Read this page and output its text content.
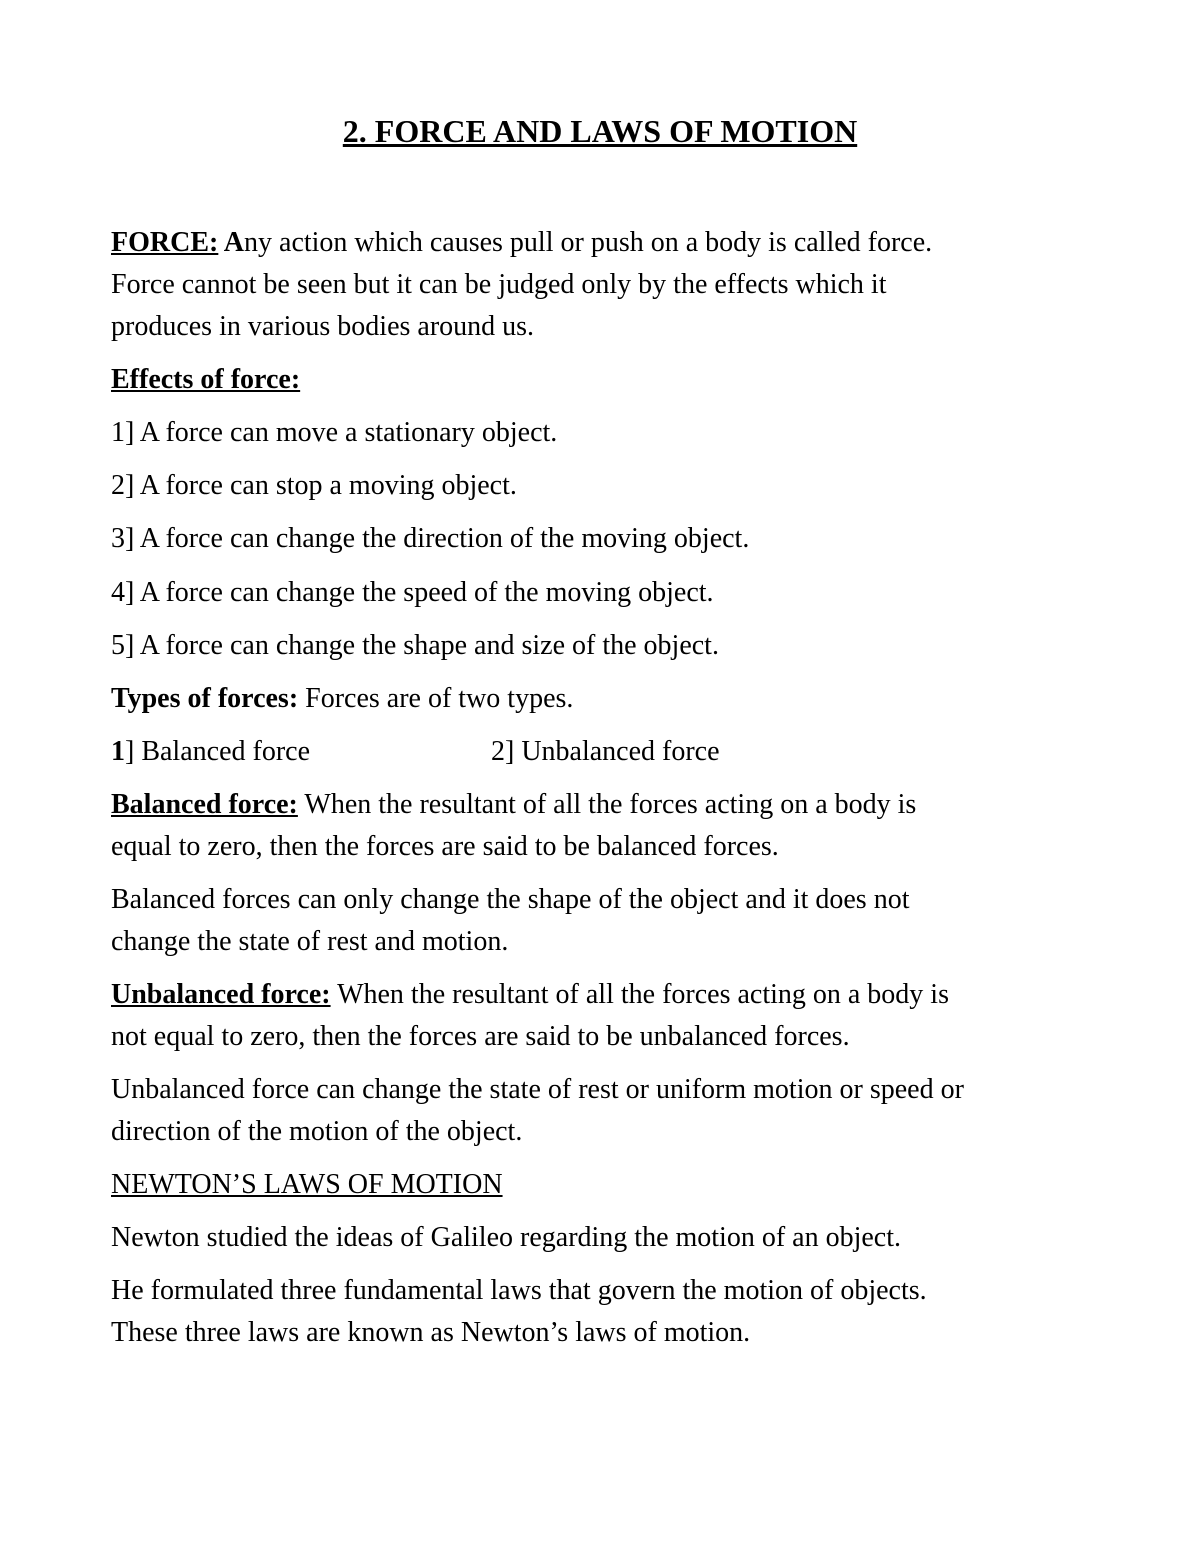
2. FORCE AND LAWS OF MOTION
FORCE: Any action which causes pull or push on a body is called force.
Force cannot be seen but it can be judged only by the effects which it
produces in various bodies around us.
Effects of force:
1] A force can move a stationary object.
2] A force can stop a moving object.
3] A force can change the direction of the moving object.
4] A force can change the speed of the moving object.
5] A force can change the shape and size of the object.
Types of forces: Forces are of two types.
1] Balanced force	2] Unbalanced force
Balanced force: When the resultant of all the forces acting on a body is
equal to zero, then the forces are said to be balanced forces.
Balanced forces can only change the shape of the object and it does not
change the state of rest and motion.
Unbalanced force: When the resultant of all the forces acting on a body is
not equal to zero, then the forces are said to be unbalanced forces.
Unbalanced force can change the state of rest or uniform motion or speed or
direction of the motion of the object.
NEWTON’S LAWS OF MOTION
Newton studied the ideas of Galileo regarding the motion of an object.
He formulated three fundamental laws that govern the motion of objects.
These three laws are known as Newton’s laws of motion.
